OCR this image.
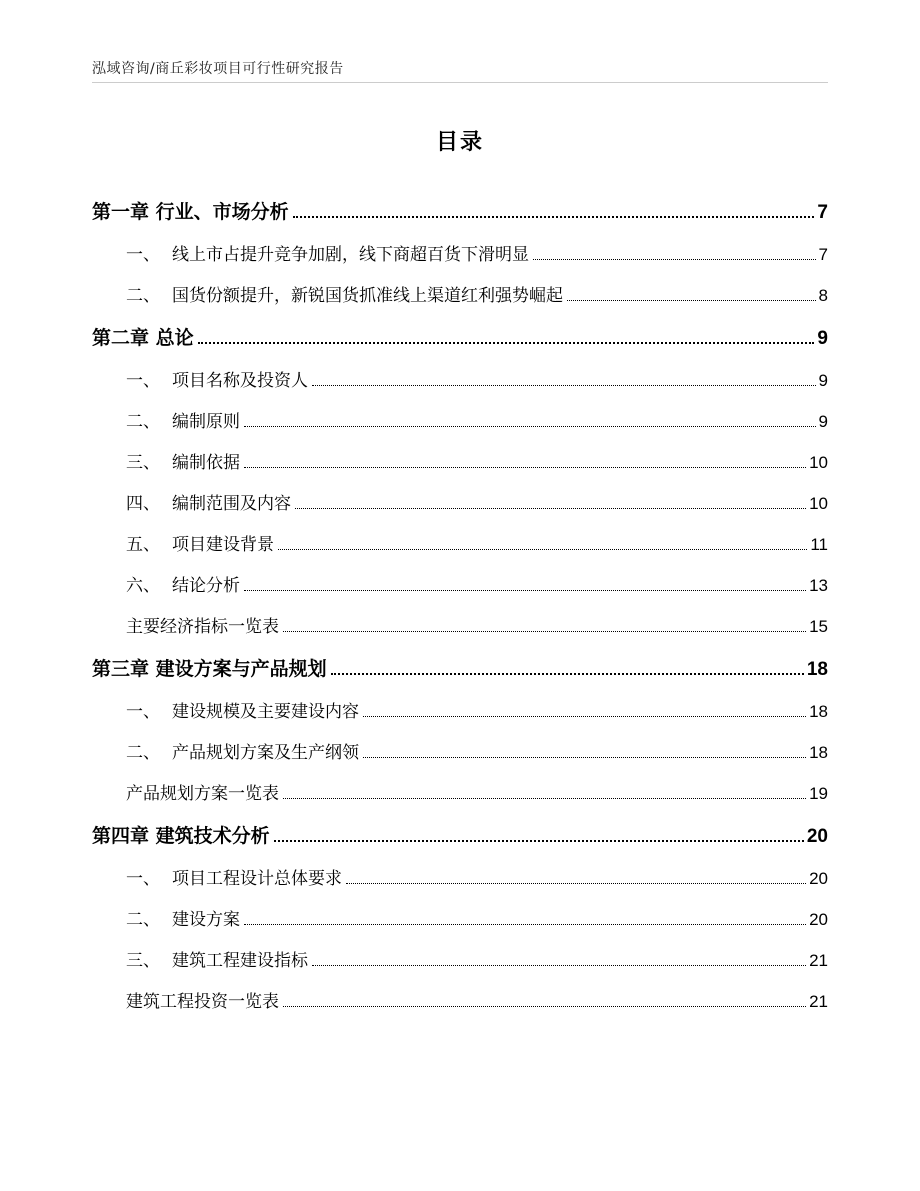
泓域咨询/商丘彩妆项目可行性研究报告
目录
第一章 行业、市场分析	7
一、 线上市占提升竞争加剧，线下商超百货下滑明显	7
二、 国货份额提升，新锐国货抓准线上渠道红利强势崛起	8
第二章 总论	9
一、 项目名称及投资人	9
二、 编制原则	9
三、 编制依据	10
四、 编制范围及内容	10
五、 项目建设背景	11
六、 结论分析	13
主要经济指标一览表	15
第三章 建设方案与产品规划	18
一、 建设规模及主要建设内容	18
二、 产品规划方案及生产纲领	18
产品规划方案一览表	19
第四章 建筑技术分析	20
一、 项目工程设计总体要求	20
二、 建设方案	20
三、 建筑工程建设指标	21
建筑工程投资一览表	21
